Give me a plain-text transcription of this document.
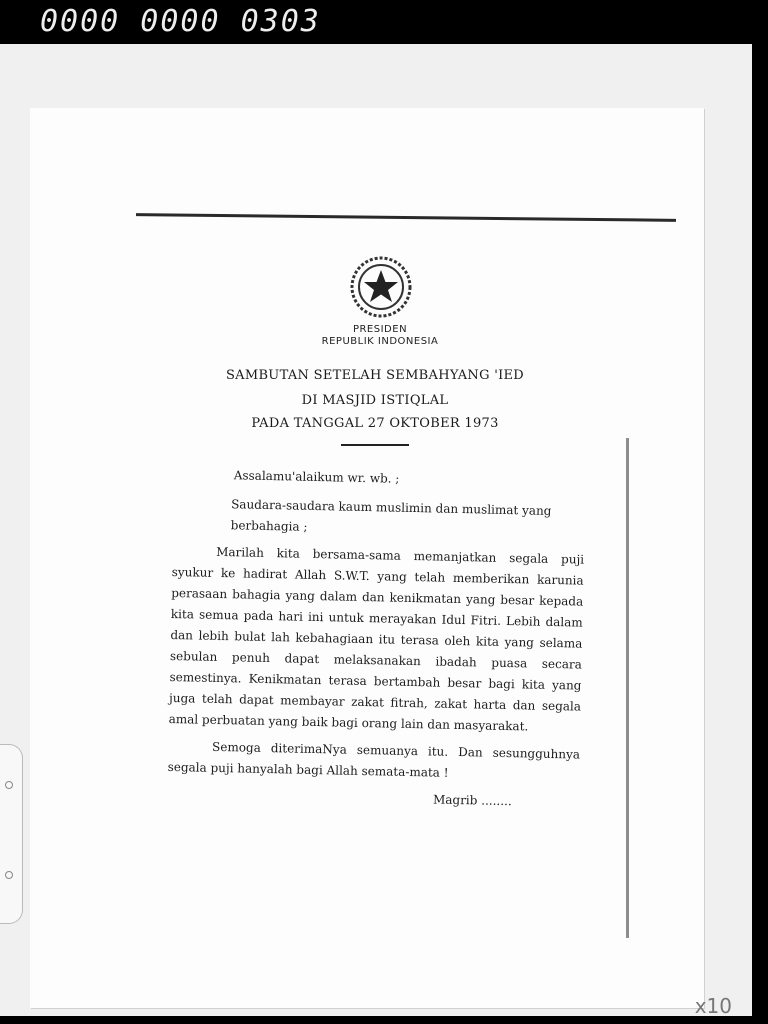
0000 0000 0303
PRESIDEN
REPUBLIK INDONESIA
SAMBUTAN SETELAH SEMBAHYANG 'IED
DI MASJID ISTIQLAL
PADA TANGGAL 27 OKTOBER 1973

Assalamu'alaikum wr. wb. ;

Saudara-saudara kaum muslimin dan muslimat yang berbahagia ;

Marilah kita bersama-sama memanjatkan segala puji syukur ke hadirat Allah S.W.T. yang telah memberikan karunia perasaan bahagia yang dalam dan kenikmatan yang besar kepada kita semua pada hari ini untuk merayakan Idul Fitri. Lebih dalam dan lebih bulat lah kebahagiaan itu terasa oleh kita yang selama sebulan penuh dapat melaksanakan ibadah puasa secara semestinya. Kenikmatan terasa bertambah besar bagi kita yang juga telah dapat membayar zakat fitrah, zakat harta dan segala amal perbuatan yang baik bagi orang lain dan masyarakat.

Semoga diterimaNya semuanya itu. Dan sesungguhnya segala puji hanyalah bagi Allah semata-mata !

Magrib ........

x10
